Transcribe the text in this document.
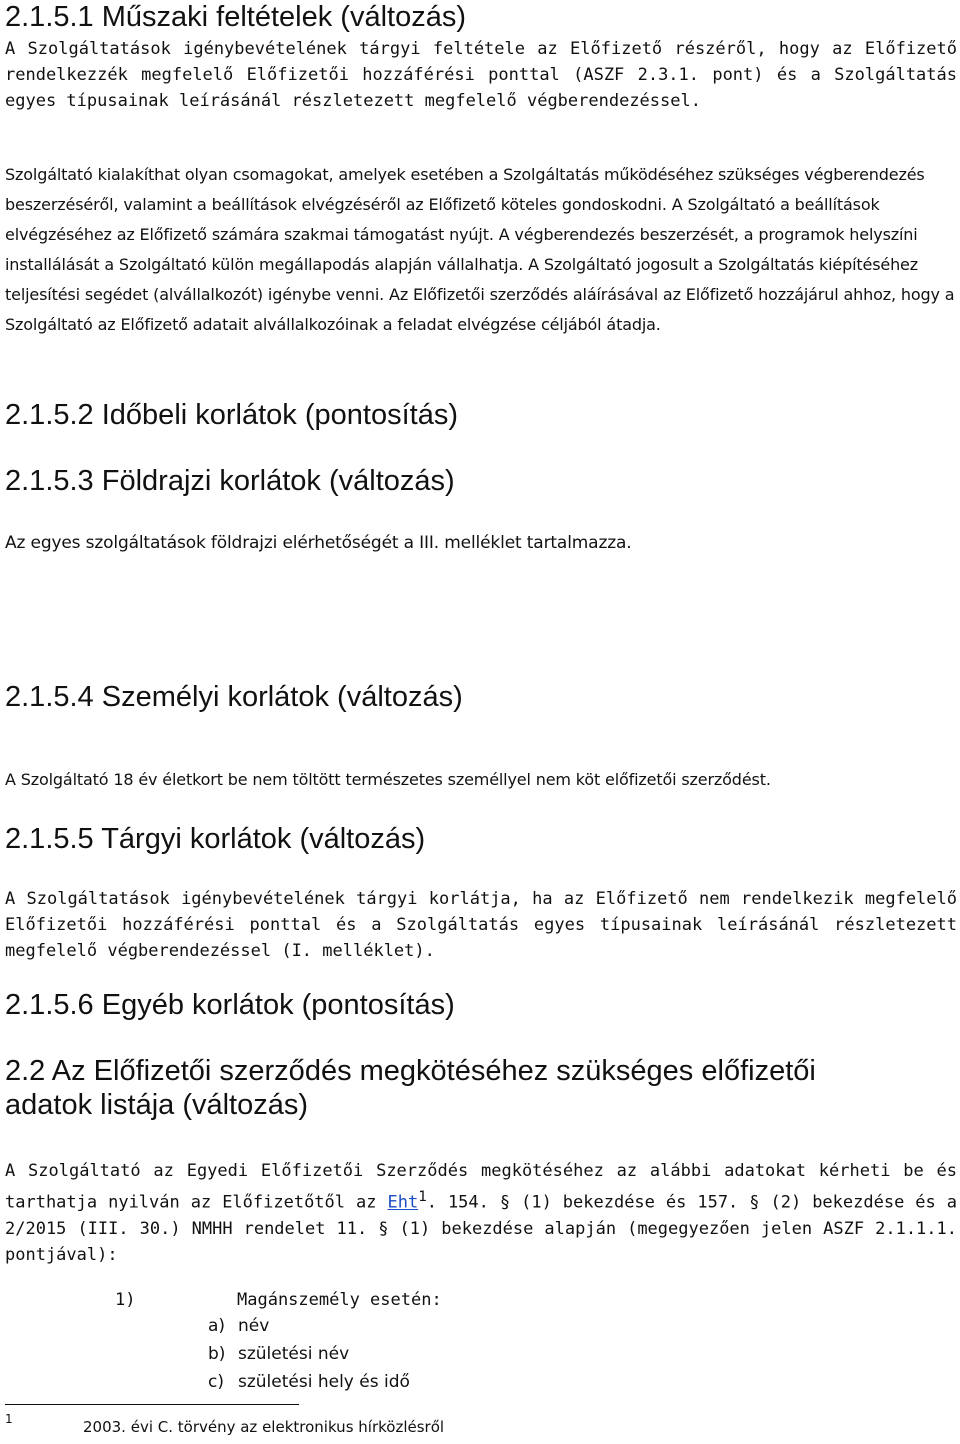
2.1.5.1 Műszaki feltételek (változás)

A Szolgáltatások igénybevételének tárgyi feltétele az Előfizető részéről, hogy az Előfizető rendelkezzék megfelelő Előfizetői hozzáférési ponttal (ASZF 2.3.1. pont) és a Szolgáltatás egyes típusainak leírásánál részletezett megfelelő végberendezéssel.

Szolgáltató kialakíthat olyan csomagokat, amelyek esetében a Szolgáltatás működéséhez szükséges végberendezés beszerzéséről, valamint a beállítások elvégzéséről az Előfizető köteles gondoskodni. A Szolgáltató a beállítások elvégzéséhez az Előfizető számára szakmai támogatást nyújt. A végberendezés beszerzését, a programok helyszíni installálását a Szolgáltató külön megállapodás alapján vállalhatja. A Szolgáltató jogosult a Szolgáltatás kiépítéséhez teljesítési segédet (alvállalkozót) igénybe venni. Az Előfizetői szerződés aláírásával az Előfizető hozzájárul ahhoz, hogy a Szolgáltató az Előfizető adatait alvállalkozóinak a feladat elvégzése céljából átadja.

2.1.5.2 Időbeli korlátok (pontosítás)
2.1.5.3 Földrajzi korlátok (változás)

Az egyes szolgáltatások földrajzi elérhetőségét a III. melléklet tartalmazza.

2.1.5.4 Személyi korlátok (változás)

A Szolgáltató 18 év életkort be nem töltött természetes személlyel nem köt előfizetői szerződést.

2.1.5.5 Tárgyi korlátok (változás)

A Szolgáltatások igénybevételének tárgyi korlátja, ha az Előfizető nem rendelkezik megfelelő Előfizetői hozzáférési ponttal és a Szolgáltatás egyes típusainak leírásánál részletezett megfelelő végberendezéssel (I. melléklet).

2.1.5.6 Egyéb korlátok (pontosítás)
2.2 Az Előfizetői szerződés megkötéséhez szükséges előfizetői
adatok listája (változás)

A Szolgáltató az Egyedi Előfizetői Szerződés megkötéséhez az alábbi adatokat kérheti be és tarthatja nyilván az Előfizetőtől az Eht$^1$. 154. § (1) bekezdése és 157. § (2) bekezdése és a 2/2015 (III. 30.) NMHH rendelet 11. § (1) bekezdése alapján (megegyezően jelen ASZF 2.1.1.1. pontjával):

1)	Magánszemély esetén:
a) név
b) születési név
c) születési hely és idő
1	2003. évi C. törvény az elektronikus hírközlésről
